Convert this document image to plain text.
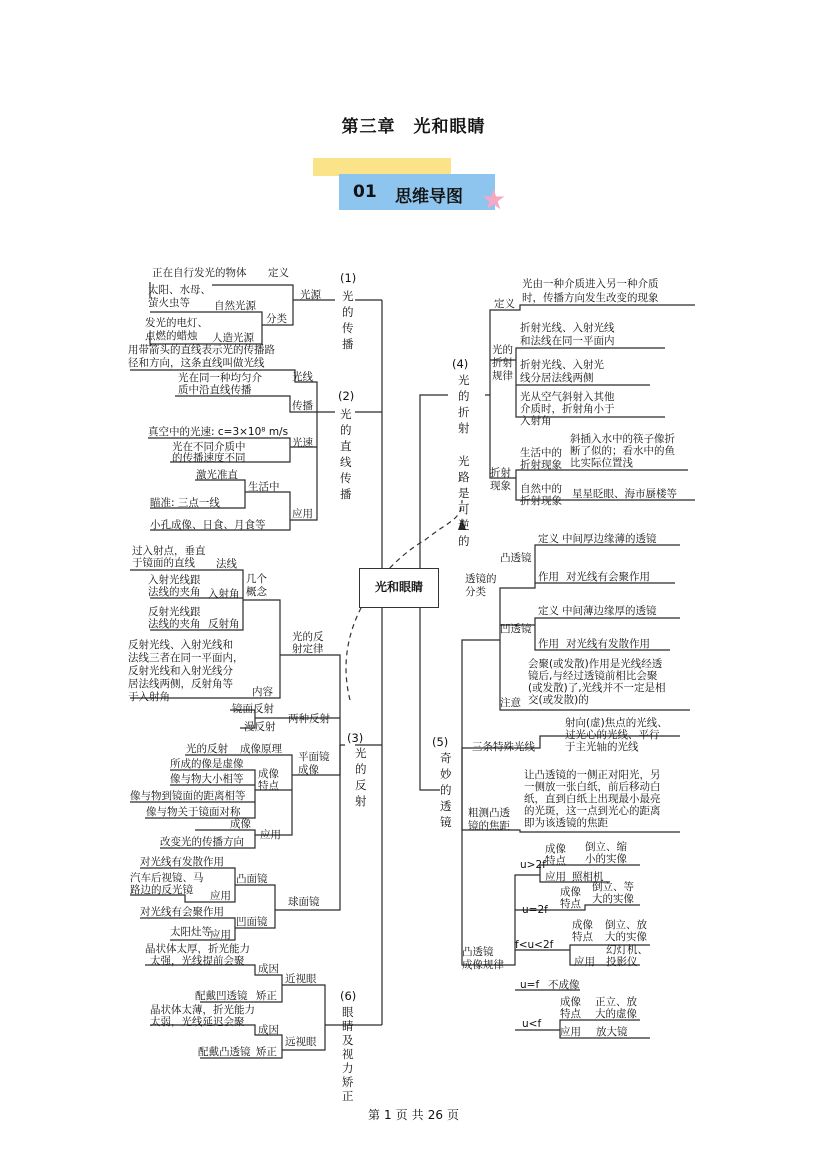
第三章　光和眼睛
01 思维导图 ★
(1)
光
的
传
播
光源
正在自行发光的物体 定义
分类
太阳、水母、
萤火虫等 自然光源
发光的电灯、
点燃的蜡烛 人造光源
(2)
光
的
直
线
传
播
用带箭头的直线表示光的传播路
径和方向，这条直线叫做光线
光线
光在同一种均匀介
质中沿直线传播
传播
真空中的光速: c=3×10⁸ m/s
光在不同介质中
的传播速度不同
光速
激光准直
瞄准: 三点一线
小孔成像、日食、月食等
生活中
应用
(3)
光
的
反
射
光的反
射定律
几个
概念
过入射点，垂直
于镜面的直线 法线
入射光线跟
法线的夹角 入射角
反射光线跟
法线的夹角 反射角
反射光线、入射光线和
法线三者在同一平面内，
反射光线和入射光线分
居法线两侧，反射角等
于入射角	内容
两种反射
镜面反射
漫反射
平面镜
成像
光的反射 成像原理
成像
特点
所成的像是虚像
像与物大小相等
像与物到镜面的距离相等
像与物关于镜面对称
成像
改变光的传播方向
应用
球面镜
对光线有发散作用
凸面镜
汽车后视镜、马
路边的反光镜 应用
对光线有会聚作用
凹面镜
太阳灶等
应用
(6)
眼
睛
及
视
力
矫
正
近视眼
晶状体太厚，折光能力
太强，光线提前会聚
成因
配戴凹透镜 矫正
远视眼
晶状体太薄，折光能力
太弱，光线延迟会聚
成因
配戴凸透镜 矫正
(4)
光
的
折
射
光
路
是
可
逆
的
定义
光由一种介质进入另一种介质
时，传播方向发生改变的现象
光的
折射
规律
折射光线、入射光线
和法线在同一平面内
折射光线、入射光
线分居法线两侧
光从空气斜射入其他
介质时，折射角小于
入射角
折射
现象
生活中的
折射现象
斜插入水中的筷子像折
断了似的；看水中的鱼
比实际位置浅
自然中的
折射现象
星星眨眼、海市蜃楼等
(5)
奇
妙
的
透
镜
透镜的
分类
凸透镜
定义 中间厚边缘薄的透镜
作用 对光线有会聚作用
凹透镜
定义 中间薄边缘厚的透镜
作用 对光线有发散作用
注意
会聚(或发散)作用是光线经透
镜后,与经过透镜前相比会聚
(或发散)了,光线并不一定是相
交(或发散)的
三条特殊光线
射向(虚)焦点的光线、
过光心的光线、平行
于主光轴的光线
粗测凸透
镜的焦距
让凸透镜的一侧正对阳光，另
一侧放一张白纸，前后移动白
纸，直到白纸上出现最小最亮
的光斑，这一点到光心的距离
即为该透镜的焦距
凸透镜
成像规律
u>2f
成像
特点
倒立、缩
小的实像
应用 照相机
u=2f
成像
特点
倒立、等
大的实像
f<u<2f
成像
特点
倒立、放
大的实像
应用
幻灯机、
投影仪
u=f 不成像
u<f
成像
特点
正立、放
大的虚像
应用 放大镜
光和眼睛
第 1 页 共 26 页
